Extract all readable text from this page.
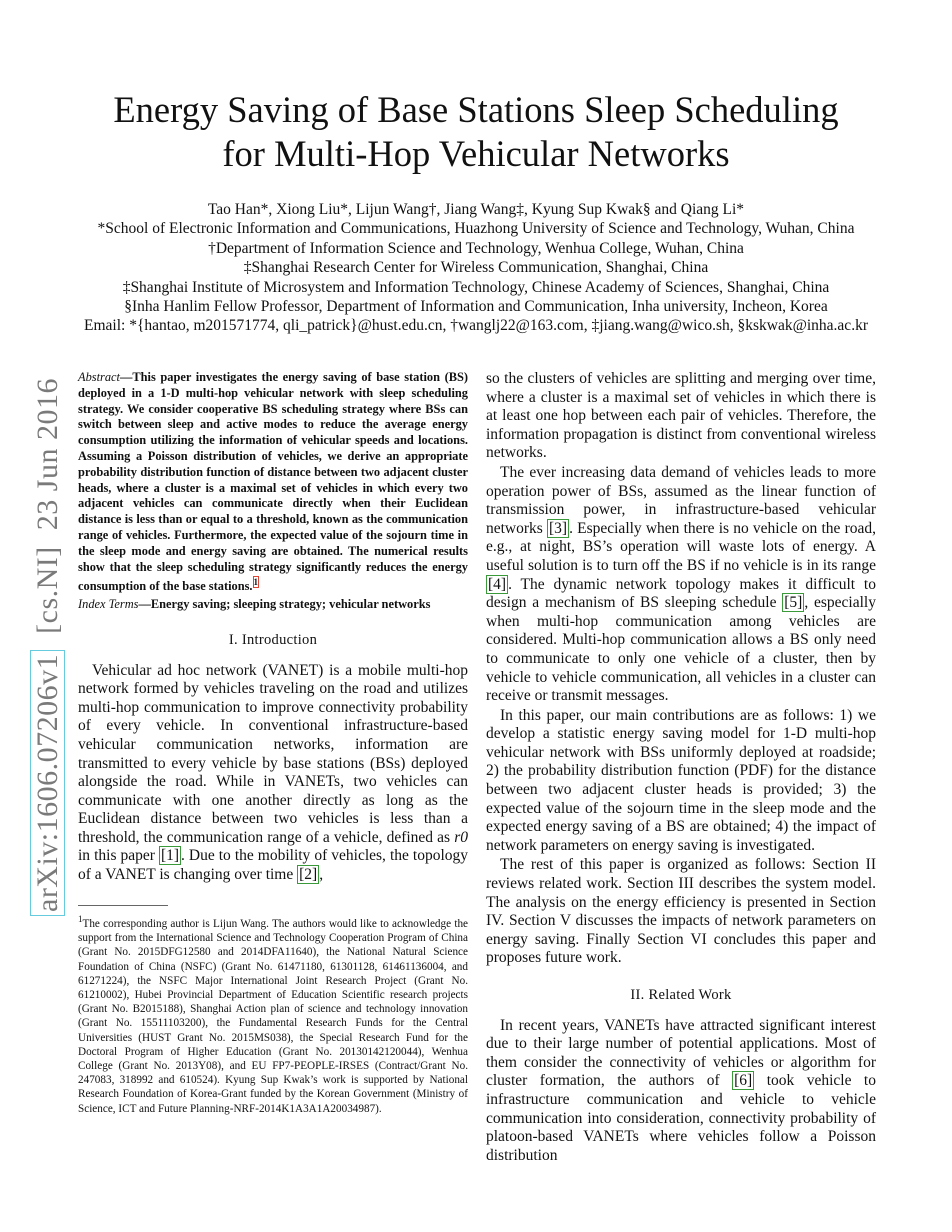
arXiv:1606.07206v1  [cs.NI]  23 Jun 2016
Energy Saving of Base Stations Sleep Scheduling
for Multi-Hop Vehicular Networks
Tao Han*, Xiong Liu*, Lijun Wang†, Jiang Wang‡, Kyung Sup Kwak§ and Qiang Li*
*School of Electronic Information and Communications, Huazhong University of Science and Technology, Wuhan, China
†Department of Information Science and Technology, Wenhua College, Wuhan, China
‡Shanghai Research Center for Wireless Communication, Shanghai, China
‡Shanghai Institute of Microsystem and Information Technology, Chinese Academy of Sciences, Shanghai, China
§Inha Hanlim Fellow Professor, Department of Information and Communication, Inha university, Incheon, Korea
Email: *{hantao, m201571774, qli_patrick}@hust.edu.cn, †wanglj22@163.com, ‡jiang.wang@wico.sh, §kskwak@inha.ac.kr
Abstract—This paper investigates the energy saving of base station (BS) deployed in a 1-D multi-hop vehicular network with sleep scheduling strategy. We consider cooperative BS scheduling strategy where BSs can switch between sleep and active modes to reduce the average energy consumption utilizing the information of vehicular speeds and locations. Assuming a Poisson distribution of vehicles, we derive an appropriate probability distribution function of distance between two adjacent cluster heads, where a cluster is a maximal set of vehicles in which every two adjacent vehicles can communicate directly when their Euclidean distance is less than or equal to a threshold, known as the communication range of vehicles. Furthermore, the expected value of the sojourn time in the sleep mode and energy saving are obtained. The numerical results show that the sleep scheduling strategy significantly reduces the energy consumption of the base stations.$^1$
Index Terms—Energy saving; sleeping strategy; vehicular networks
I. Introduction

Vehicular ad hoc network (VANET) is a mobile multi-hop network formed by vehicles traveling on the road and utilizes multi-hop communication to improve connectivity probability of every vehicle. In conventional infrastructure-based vehicular communication networks, information are transmitted to every vehicle by base stations (BSs) deployed alongside the road. While in VANETs, two vehicles can communicate with one another directly as long as the Euclidean distance between two vehicles is less than a threshold, the communication range of a vehicle, defined as r0 in this paper [1] . Due to the mobility of vehicles, the topology of a VANET is changing over time [2] ,

$^1$The corresponding author is Lijun Wang. The authors would like to acknowledge the support from the International Science and Technology Cooperation Program of China (Grant No. 2015DFG12580 and 2014DFA11640), the National Natural Science Foundation of China (NSFC) (Grant No. 61471180, 61301128, 61461136004, and 61271224), the NSFC Major International Joint Research Project (Grant No. 61210002), Hubei Provincial Department of Education Scientific research projects (Grant No. B2015188), Shanghai Action plan of science and technology innovation (Grant No. 15511103200), the Fundamental Research Funds for the Central Universities (HUST Grant No. 2015MS038), the Special Research Fund for the Doctoral Program of Higher Education (Grant No. 20130142120044), Wenhua College (Grant No. 2013Y08), and EU FP7-PEOPLE-IRSES (Contract/Grant No. 247083, 318992 and 610524). Kyung Sup Kwak’s work is supported by National Research Foundation of Korea-Grant funded by the Korean Government (Ministry of Science, ICT and Future Planning-NRF-2014K1A3A1A20034987).

so the clusters of vehicles are splitting and merging over time, where a cluster is a maximal set of vehicles in which there is at least one hop between each pair of vehicles. Therefore, the information propagation is distinct from conventional wireless networks.

The ever increasing data demand of vehicles leads to more operation power of BSs, assumed as the linear function of transmission power, in infrastructure-based vehicular networks [3] . Especially when there is no vehicle on the road, e.g., at night, BS’s operation will waste lots of energy. A useful solution is to turn off the BS if no vehicle is in its range [4] . The dynamic network topology makes it difficult to design a mechanism of BS sleeping schedule [5] , especially when multi-hop communication among vehicles are considered. Multi-hop communication allows a BS only need to communicate to only one vehicle of a cluster, then by vehicle to vehicle communication, all vehicles in a cluster can receive or transmit messages.

In this paper, our main contributions are as follows: 1) we develop a statistic energy saving model for 1-D multi-hop vehicular network with BSs uniformly deployed at roadside; 2) the probability distribution function (PDF) for the distance between two adjacent cluster heads is provided; 3) the expected value of the sojourn time in the sleep mode and the expected energy saving of a BS are obtained; 4) the impact of network parameters on energy saving is investigated.

The rest of this paper is organized as follows: Section II reviews related work. Section III describes the system model. The analysis on the energy efficiency is presented in Section IV. Section V discusses the impacts of network parameters on energy saving. Finally Section VI concludes this paper and proposes future work.

II. Related Work

In recent years, VANETs have attracted significant interest due to their large number of potential applications. Most of them consider the connectivity of vehicles or algorithm for cluster formation, the authors of [6] took vehicle to infrastructure communication and vehicle to vehicle communication into consideration, connectivity probability of platoon-based VANETs where vehicles follow a Poisson distribution
